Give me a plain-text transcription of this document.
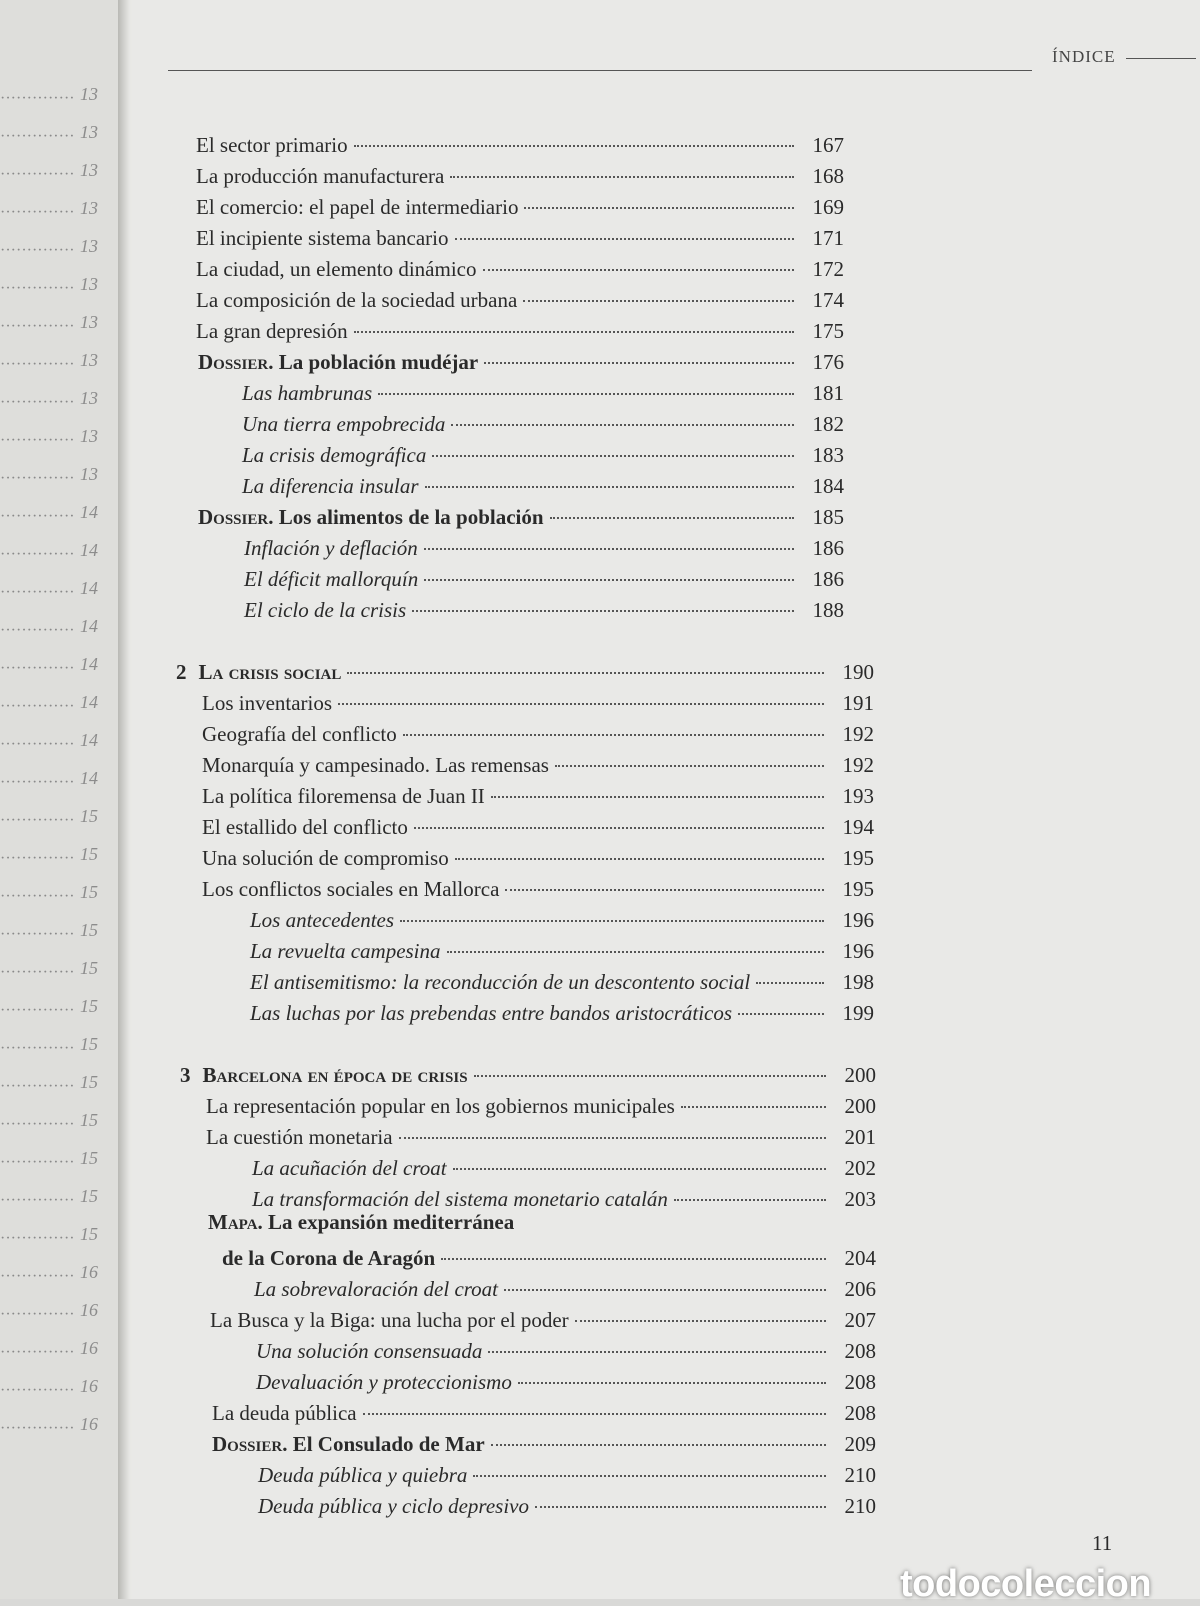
·············· 13
·············· 13
·············· 13
·············· 13
·············· 13
·············· 13
·············· 13
·············· 13
·············· 13
·············· 13
·············· 13
·············· 14
·············· 14
·············· 14
·············· 14
·············· 14
·············· 14
·············· 14
·············· 14
·············· 15
·············· 15
·············· 15
·············· 15
·············· 15
·············· 15
·············· 15
·············· 15
·············· 15
·············· 15
·············· 15
·············· 15
·············· 16
·············· 16
·············· 16
·············· 16
·············· 16
ÍNDICE
El sector primario	167
La producción manufacturera	168
El comercio: el papel de intermediario	169
El incipiente sistema bancario	171
La ciudad, un elemento dinámico	172
La composición de la sociedad urbana	174
La gran depresión	175
Dossier. La población mudéjar	176
Las hambrunas	181
Una tierra empobrecida	182
La crisis demográfica	183
La diferencia insular	184
Dossier. Los alimentos de la población	185
Inflación y deflación	186
El déficit mallorquín	186
El ciclo de la crisis	188
2 La crisis social	190
Los inventarios	191
Geografía del conflicto	192
Monarquía y campesinado. Las remensas	192
La política filoremensa de Juan II	193
El estallido del conflicto	194
Una solución de compromiso	195
Los conflictos sociales en Mallorca	195
Los antecedentes	196
La revuelta campesina	196
El antisemitismo: la reconducción de un descontento social	198
Las luchas por las prebendas entre bandos aristocráticos	199
3 Barcelona en época de crisis	200
La representación popular en los gobiernos municipales	200
La cuestión monetaria	201
La acuñación del croat	202
La transformación del sistema monetario catalán	203
Mapa. La expansión mediterránea
de la Corona de Aragón	204
La sobrevaloración del croat	206
La Busca y la Biga: una lucha por el poder	207
Una solución consensuada	208
Devaluación y proteccionismo	208
La deuda pública	208
Dossier. El Consulado de Mar	209
Deuda pública y quiebra	210
Deuda pública y ciclo depresivo	210
11
todocoleccion
